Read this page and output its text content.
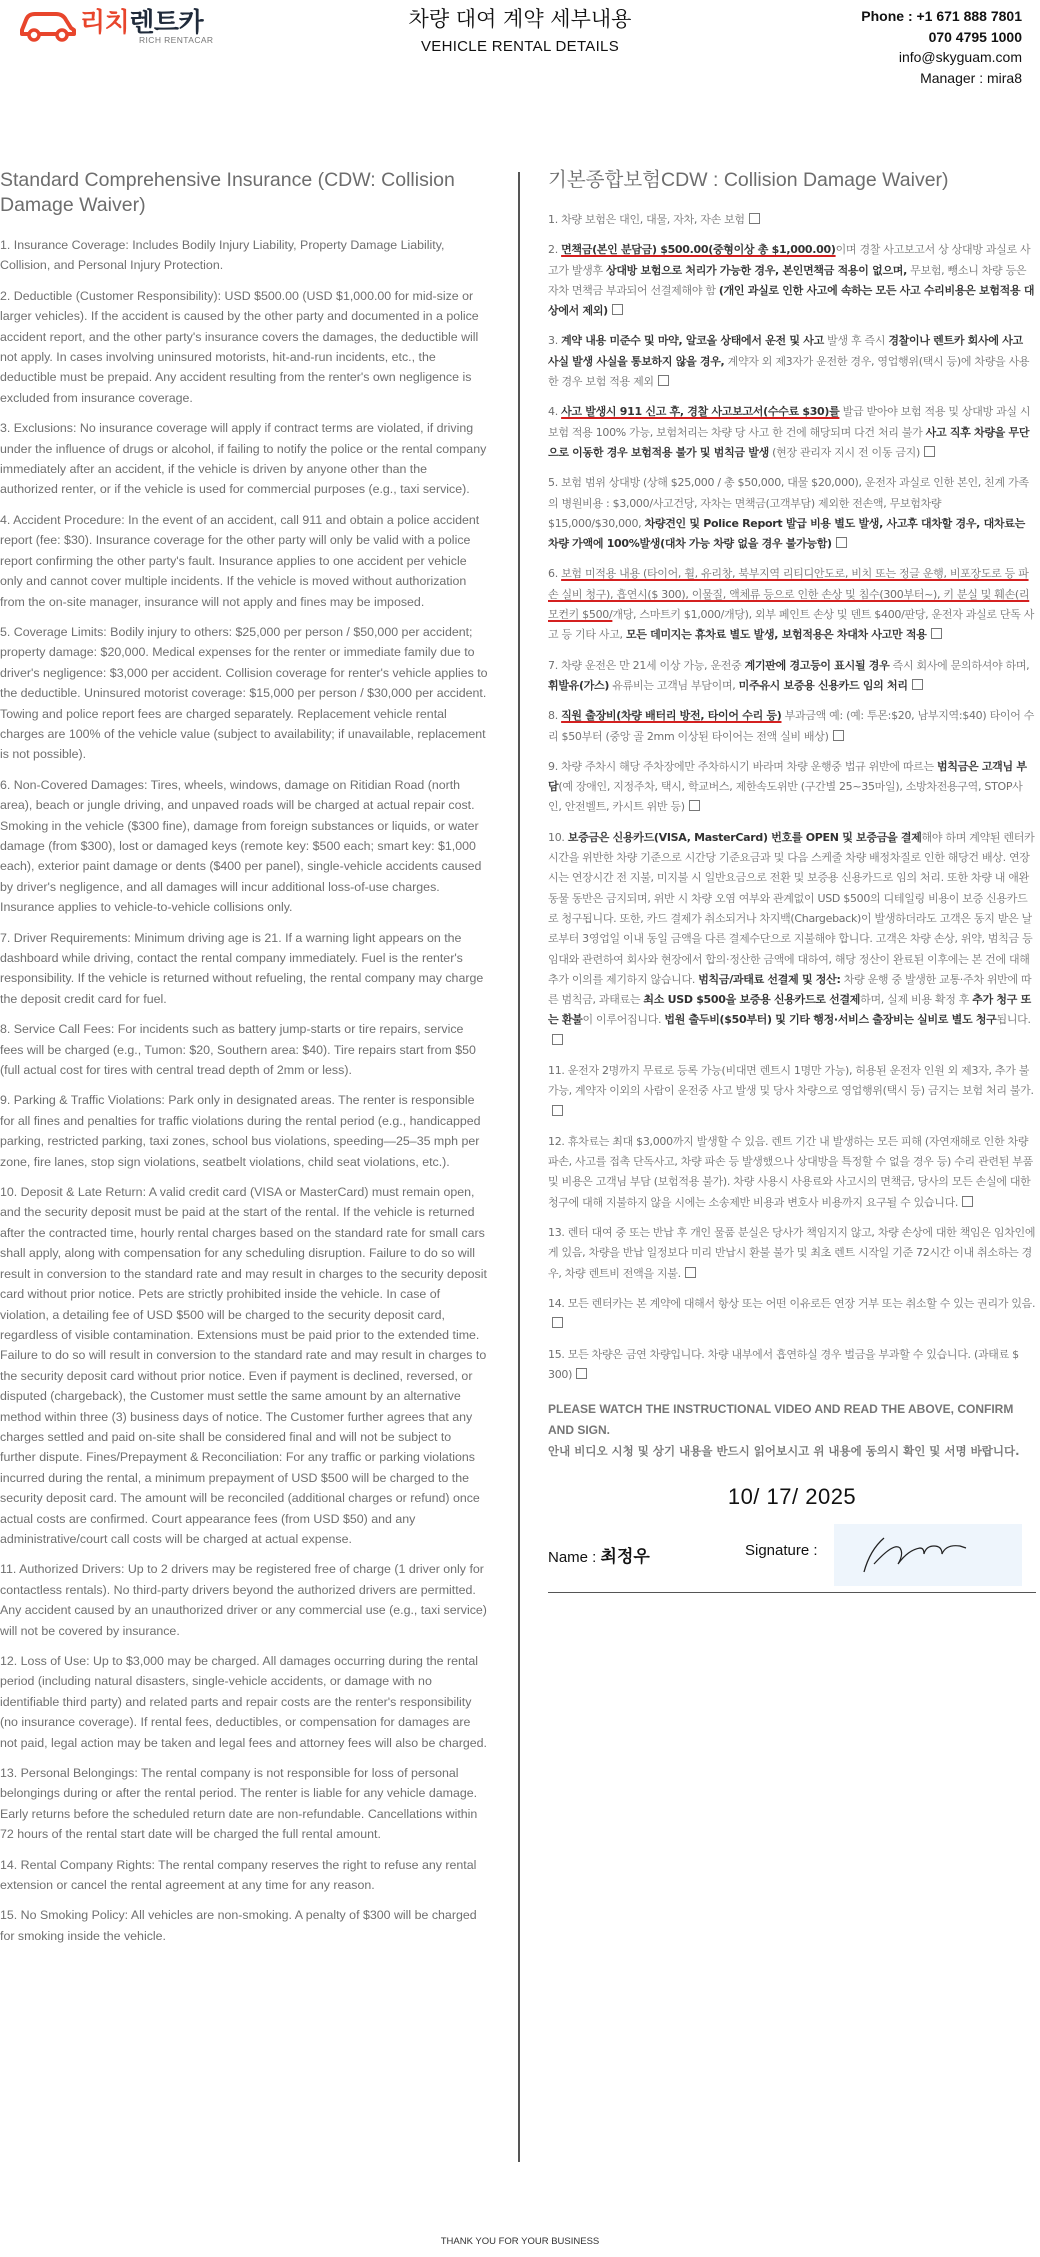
리치렌트카
RICH RENTACAR
차량 대여 계약 세부내용
VEHICLE RENTAL DETAILS
Phone : +1 671 888 7801
070 4795 1000
info@skyguam.com
Manager : mira8
Standard Comprehensive Insurance (CDW: Collision Damage Waiver)

1. Insurance Coverage: Includes Bodily Injury Liability, Property Damage Liability, Collision, and Personal Injury Protection.

2. Deductible (Customer Responsibility): USD $500.00 (USD $1,000.00 for mid-size or larger vehicles). If the accident is caused by the other party and documented in a police accident report, and the other party's insurance covers the damages, the deductible will not apply. In cases involving uninsured motorists, hit-and-run incidents, etc., the deductible must be prepaid. Any accident resulting from the renter's own negligence is excluded from insurance coverage.

3. Exclusions: No insurance coverage will apply if contract terms are violated, if driving under the influence of drugs or alcohol, if failing to notify the police or the rental company immediately after an accident, if the vehicle is driven by anyone other than the authorized renter, or if the vehicle is used for commercial purposes (e.g., taxi service).

4. Accident Procedure: In the event of an accident, call 911 and obtain a police accident report (fee: $30). Insurance coverage for the other party will only be valid with a police report confirming the other party's fault. Insurance applies to one accident per vehicle only and cannot cover multiple incidents. If the vehicle is moved without authorization from the on-site manager, insurance will not apply and fines may be imposed.

5. Coverage Limits: Bodily injury to others: $25,000 per person / $50,000 per accident; property damage: $20,000. Medical expenses for the renter or immediate family due to driver's negligence: $3,000 per accident. Collision coverage for renter's vehicle applies to the deductible. Uninsured motorist coverage: $15,000 per person / $30,000 per accident. Towing and police report fees are charged separately. Replacement vehicle rental charges are 100% of the vehicle value (subject to availability; if unavailable, replacement is not possible).

6. Non-Covered Damages: Tires, wheels, windows, damage on Ritidian Road (north area), beach or jungle driving, and unpaved roads will be charged at actual repair cost. Smoking in the vehicle ($300 fine), damage from foreign substances or liquids, or water damage (from $300), lost or damaged keys (remote key: $500 each; smart key: $1,000 each), exterior paint damage or dents ($400 per panel), single-vehicle accidents caused by driver's negligence, and all damages will incur additional loss-of-use charges. Insurance applies to vehicle-to-vehicle collisions only.

7. Driver Requirements: Minimum driving age is 21. If a warning light appears on the dashboard while driving, contact the rental company immediately. Fuel is the renter's responsibility. If the vehicle is returned without refueling, the rental company may charge the deposit credit card for fuel.

8. Service Call Fees: For incidents such as battery jump-starts or tire repairs, service fees will be charged (e.g., Tumon: $20, Southern area: $40). Tire repairs start from $50 (full actual cost for tires with central tread depth of 2mm or less).

9. Parking & Traffic Violations: Park only in designated areas. The renter is responsible for all fines and penalties for traffic violations during the rental period (e.g., handicapped parking, restricted parking, taxi zones, school bus violations, speeding—25–35 mph per zone, fire lanes, stop sign violations, seatbelt violations, child seat violations, etc.).

10. Deposit & Late Return: A valid credit card (VISA or MasterCard) must remain open, and the security deposit must be paid at the start of the rental. If the vehicle is returned after the contracted time, hourly rental charges based on the standard rate for small cars shall apply, along with compensation for any scheduling disruption. Failure to do so will result in conversion to the standard rate and may result in charges to the security deposit card without prior notice. Pets are strictly prohibited inside the vehicle. In case of violation, a detailing fee of USD $500 will be charged to the security deposit card, regardless of visible contamination. Extensions must be paid prior to the extended time. Failure to do so will result in conversion to the standard rate and may result in charges to the security deposit card without prior notice. Even if payment is declined, reversed, or disputed (chargeback), the Customer must settle the same amount by an alternative method within three (3) business days of notice. The Customer further agrees that any charges settled and paid on-site shall be considered final and will not be subject to further dispute. Fines/Prepayment & Reconciliation: For any traffic or parking violations incurred during the rental, a minimum prepayment of USD $500 will be charged to the security deposit card. The amount will be reconciled (additional charges or refund) once actual costs are confirmed. Court appearance fees (from USD $50) and any administrative/court call costs will be charged at actual expense.

11. Authorized Drivers: Up to 2 drivers may be registered free of charge (1 driver only for contactless rentals). No third-party drivers beyond the authorized drivers are permitted. Any accident caused by an unauthorized driver or any commercial use (e.g., taxi service) will not be covered by insurance.

12. Loss of Use: Up to $3,000 may be charged. All damages occurring during the rental period (including natural disasters, single-vehicle accidents, or damage with no identifiable third party) and related parts and repair costs are the renter's responsibility (no insurance coverage). If rental fees, deductibles, or compensation for damages are not paid, legal action may be taken and legal fees and attorney fees will also be charged.

13. Personal Belongings: The rental company is not responsible for loss of personal belongings during or after the rental period. The renter is liable for any vehicle damage. Early returns before the scheduled return date are non-refundable. Cancellations within 72 hours of the rental start date will be charged the full rental amount.

14. Rental Company Rights: The rental company reserves the right to refuse any rental extension or cancel the rental agreement at any time for any reason.

15. No Smoking Policy: All vehicles are non-smoking. A penalty of $300 will be charged for smoking inside the vehicle.

기본종합보험CDW : Collision Damage Waiver)

1. 차량 보험은 대인, 대물, 자차, 자손 보험

2. 면책금(본인 분담금) $500.00(중형이상 총 $1,000.00)이며 경찰 사고보고서 상 상대방 과실로 사고가 발생후 상대방 보험으로 처리가 가능한 경우, 본인면책금 적용이 없으며, 무보험, 뺑소니 차량 등은 자차 면책금 부과되어 선결제해야 함 (개인 과실로 인한 사고에 속하는 모든 사고 수리비용은 보험적용 대상에서 제외)

3. 계약 내용 미준수 및 마약, 알코올 상태에서 운전 및 사고 발생 후 즉시 경찰이나 렌트카 회사에 사고 사실 발생 사실을 통보하지 않을 경우, 계약자 외 제3자가 운전한 경우, 영업행위(택시 등)에 차량을 사용한 경우 보험 적용 제외

4. 사고 발생시 911 신고 후, 경찰 사고보고서(수수료 $30)를 발급 받아야 보험 적용 및 상대방 과실 시 보험 적용 100% 가능, 보험처리는 차량 당 사고 한 건에 해당되며 다건 처리 불가 사고 직후 차량을 무단으로 이동한 경우 보험적용 불가 및 범칙금 발생 (현장 관리자 지시 전 이동 금지)

5. 보험 범위 상대방 (상해 $25,000 / 총 $50,000, 대물 $20,000), 운전자 과실로 인한 본인, 친계 가족의 병원비용 : $3,000/사고건당, 자차는 면책금(고객부담) 제외한 전손액, 무보험차량 $15,000/$30,000, 차량견인 및 Police Report 발급 비용 별도 발생, 사고후 대차할 경우, 대차료는 차량 가액에 100%발생(대차 가능 차량 없을 경우 불가능함)

6. 보험 미적용 내용 (타이어, 휠, 유리창, 북부지역 리티디안도로, 비치 또는 정글 운행, 비포장도로 등 파손 실비 청구), 흡연시($ 300), 이물질, 액체류 등으로 인한 손상 및 침수(300부터~), 키 분실 및 훼손(리모컨키 $500/개당, 스마트키 $1,000/개당), 외부 페인트 손상 및 덴트 $400/판당, 운전자 과실로 단독 사고 등 기타 사고, 모든 데미지는 휴차료 별도 발생, 보험적용은 차대차 사고만 적용

7. 차량 운전은 만 21세 이상 가능, 운전중 계기판에 경고등이 표시될 경우 즉시 회사에 문의하셔야 하며, 휘발유(가스) 유류비는 고객님 부담이며, 미주유시 보증용 신용카드 임의 처리

8. 직원 출장비(차량 배터리 방전, 타이어 수리 등) 부과금액 예: (예: 투몬:$20, 남부지역:$40) 타이어 수리 $50부터 (중앙 골 2mm 이상된 타이어는 전액 실비 배상)

9. 차량 주차시 해당 주차장에만 주차하시기 바라며 차량 운행중 법규 위반에 따르는 범칙금은 고객님 부담(예 장애인, 지정주차, 택시, 학교버스, 제한속도위반 (구간별 25~35마일), 소방차전용구역, STOP사인, 안전벨트, 카시트 위반 등)

10. 보증금은 신용카드(VISA, MasterCard) 번호를 OPEN 및 보증금을 결제해야 하며 계약된 렌터카 시간을 위반한 차량 기준으로 시간당 기준요금과 및 다음 스케줄 차량 배정차질로 인한 해당건 배상. 연장시는 연장시간 전 지불, 미지불 시 일반요금으로 전환 및 보증용 신용카드로 임의 처리. 또한 차량 내 애완동물 동반은 금지되며, 위반 시 차량 오염 여부와 관계없이 USD $500의 디테일링 비용이 보증 신용카드로 청구됩니다. 또한, 카드 결제가 취소되거나 차지백(Chargeback)이 발생하더라도 고객은 동지 받은 날로부터 3영업일 이내 동일 금액을 다른 결제수단으로 지불해야 합니다. 고객은 차량 손상, 위약, 범칙금 등 임대와 관련하여 회사와 현장에서 합의·정산한 금액에 대하여, 해당 정산이 완료된 이후에는 본 건에 대해 추가 이의를 제기하지 않습니다. 범칙금/과태료 선결제 및 정산: 차량 운행 중 발생한 교통·주차 위반에 따른 범칙금, 과태료는 최소 USD $500을 보증용 신용카드로 선결제하며, 실제 비용 확정 후 추가 청구 또는 환불이 이루어집니다. 법원 출두비($50부터) 및 기타 행정·서비스 출장비는 실비로 별도 청구됩니다.

11. 운전자 2명까지 무료로 등록 가능(비대면 렌트시 1명만 가능), 허용된 운전자 인원 외 제3자, 추가 불가능, 계약자 이외의 사람이 운전중 사고 발생 및 당사 차량으로 영업행위(택시 등) 금지는 보험 처리 불가.

12. 휴차료는 최대 $3,000까지 발생할 수 있음. 렌트 기간 내 발생하는 모든 피해 (자연재해로 인한 차량 파손, 사고를 접촉 단독사고, 차량 파손 등 발생했으나 상대방을 특정할 수 없을 경우 등) 수리 관련된 부품 및 비용은 고객님 부담 (보험적용 불가). 차량 사용시 사용료와 사고시의 면책금, 당사의 모든 손실에 대한 청구에 대해 지불하지 않을 시에는 소송제반 비용과 변호사 비용까지 요구될 수 있습니다.

13. 렌터 대여 중 또는 반납 후 개인 물품 분실은 당사가 책임지지 않고, 차량 손상에 대한 책임은 임차인에게 있음, 차량을 반납 일정보다 미리 반납시 환불 불가 및 최초 렌트 시작일 기준 72시간 이내 취소하는 경우, 차량 렌트비 전액을 지불.

14. 모든 렌터카는 본 계약에 대해서 항상 또는 어떤 이유로든 연장 거부 또는 취소할 수 있는 권리가 있음.

15. 모든 차량은 금연 차량입니다. 차량 내부에서 흡연하실 경우 벌금을 부과할 수 있습니다. (과태료 $ 300)

PLEASE WATCH THE INSTRUCTIONAL VIDEO AND READ THE ABOVE, CONFIRM AND SIGN.
안내 비디오 시청 및 상기 내용을 반드시 읽어보시고 위 내용에 동의시 확인 및 서명 바랍니다.
10/ 17/ 2025
Name : 최정우	Signature :
THANK YOU FOR YOUR BUSINESS
